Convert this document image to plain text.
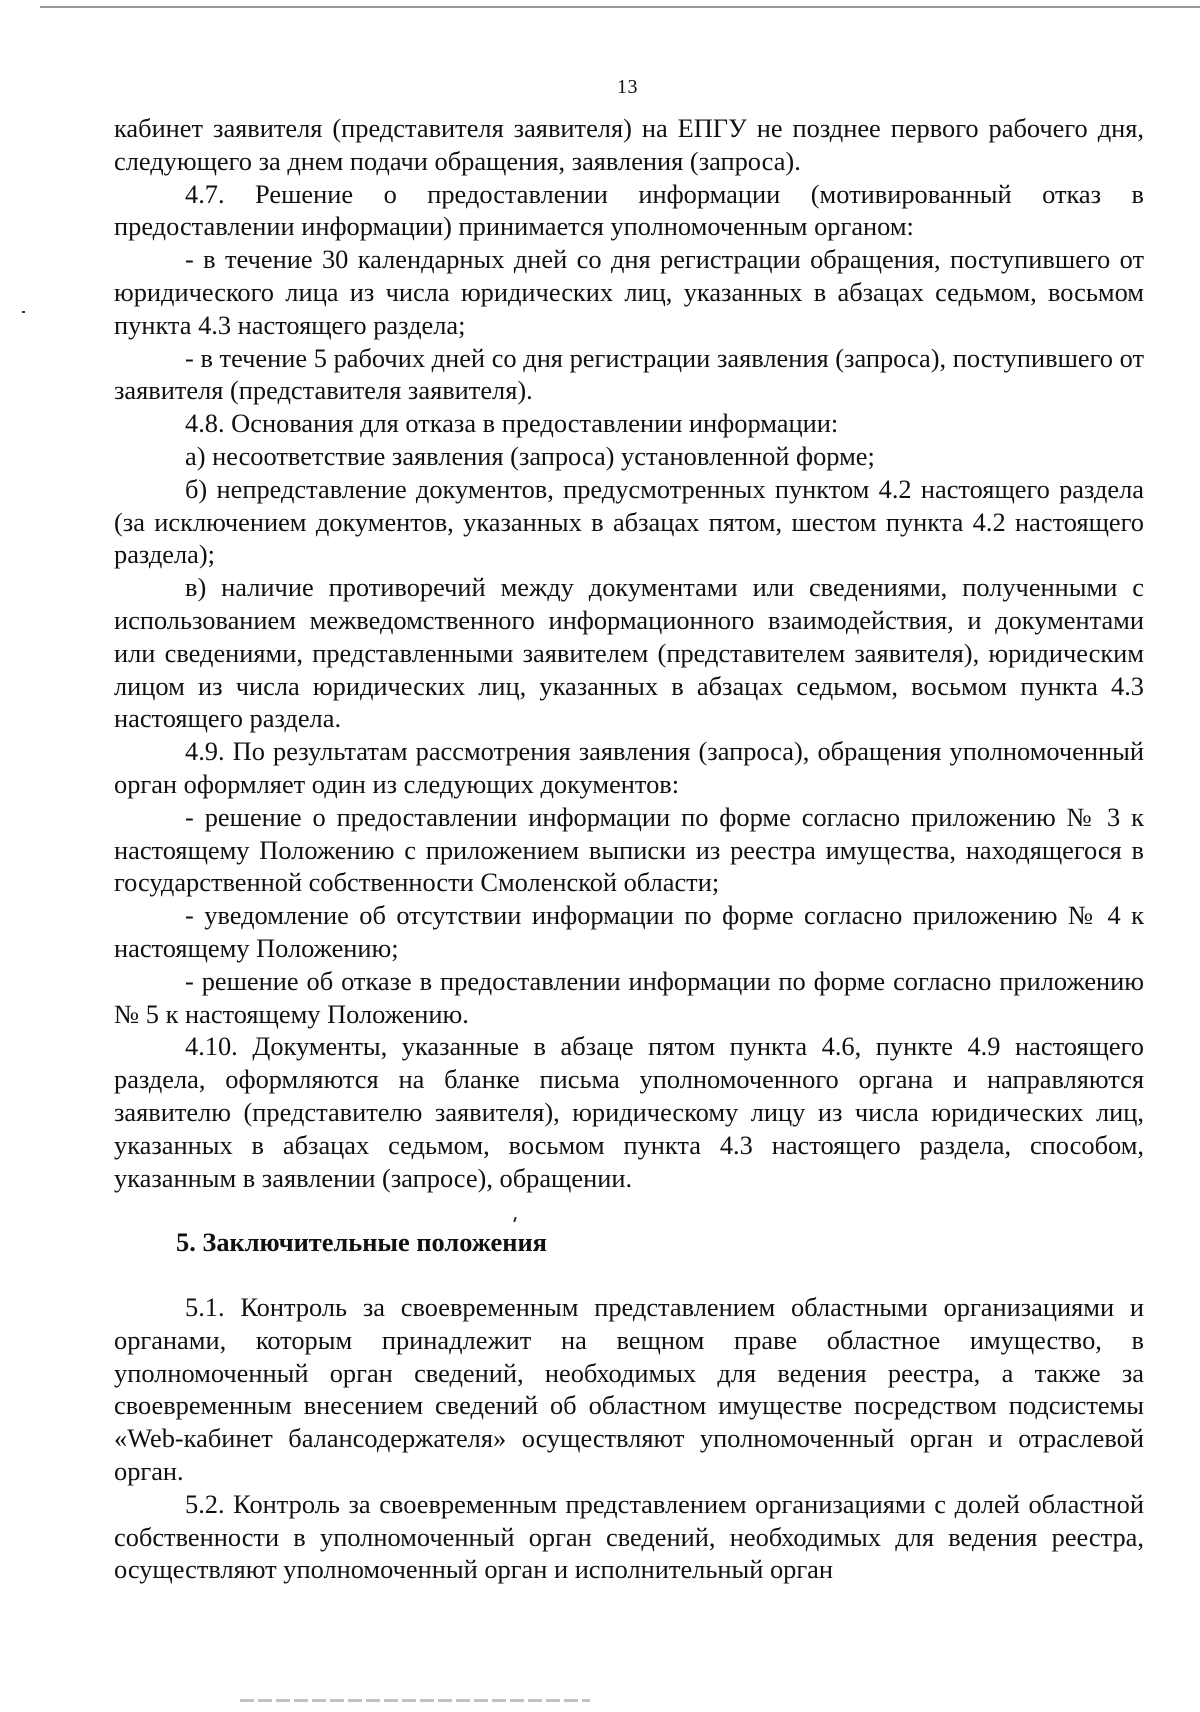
13

кабинет заявителя (представителя заявителя) на ЕПГУ не позднее первого рабочего дня, следующего за днем подачи обращения, заявления (запроса).

4.7. Решение о предоставлении информации (мотивированный отказ в предоставлении информации) принимается уполномоченным органом:

- в течение 30 календарных дней со дня регистрации обращения, поступившего от юридического лица из числа юридических лиц, указанных в абзацах седьмом, восьмом пункта 4.3 настоящего раздела;

- в течение 5 рабочих дней со дня регистрации заявления (запроса), поступившего от заявителя (представителя заявителя).

4.8. Основания для отказа в предоставлении информации:

а) несоответствие заявления (запроса) установленной форме;

б) непредставление документов, предусмотренных пунктом 4.2 настоящего раздела (за исключением документов, указанных в абзацах пятом, шестом пункта 4.2 настоящего раздела);

в) наличие противоречий между документами или сведениями, полученными с использованием межведомственного информационного взаимодействия, и документами или сведениями, представленными заявителем (представителем заявителя), юридическим лицом из числа юридических лиц, указанных в абзацах седьмом, восьмом пункта 4.3 настоящего раздела.

4.9. По результатам рассмотрения заявления (запроса), обращения уполномоченный орган оформляет один из следующих документов:

- решение о предоставлении информации по форме согласно приложению № 3 к настоящему Положению с приложением выписки из реестра имущества, находящегося в государственной собственности Смоленской области;

- уведомление об отсутствии информации по форме согласно приложению № 4 к настоящему Положению;

- решение об отказе в предоставлении информации по форме согласно приложению № 5 к настоящему Положению.

4.10. Документы, указанные в абзаце пятом пункта 4.6, пункте 4.9 настоящего раздела, оформляются на бланке письма уполномоченного органа и направляются заявителю (представителю заявителя), юридическому лицу из числа юридических лиц, указанных в абзацах седьмом, восьмом пункта 4.3 настоящего раздела, способом, указанным в заявлении (запросе), обращении.

5. Заключительные положения

5.1. Контроль за своевременным представлением областными организациями и органами, которым принадлежит на вещном праве областное имущество, в уполномоченный орган сведений, необходимых для ведения реестра, а также за своевременным внесением сведений об областном имуществе посредством подсистемы «Web-кабинет балансодержателя» осуществляют уполномоченный орган и отраслевой орган.

5.2. Контроль за своевременным представлением организациями с долей областной собственности в уполномоченный орган сведений, необходимых для ведения реестра, осуществляют уполномоченный орган и исполнительный орган
